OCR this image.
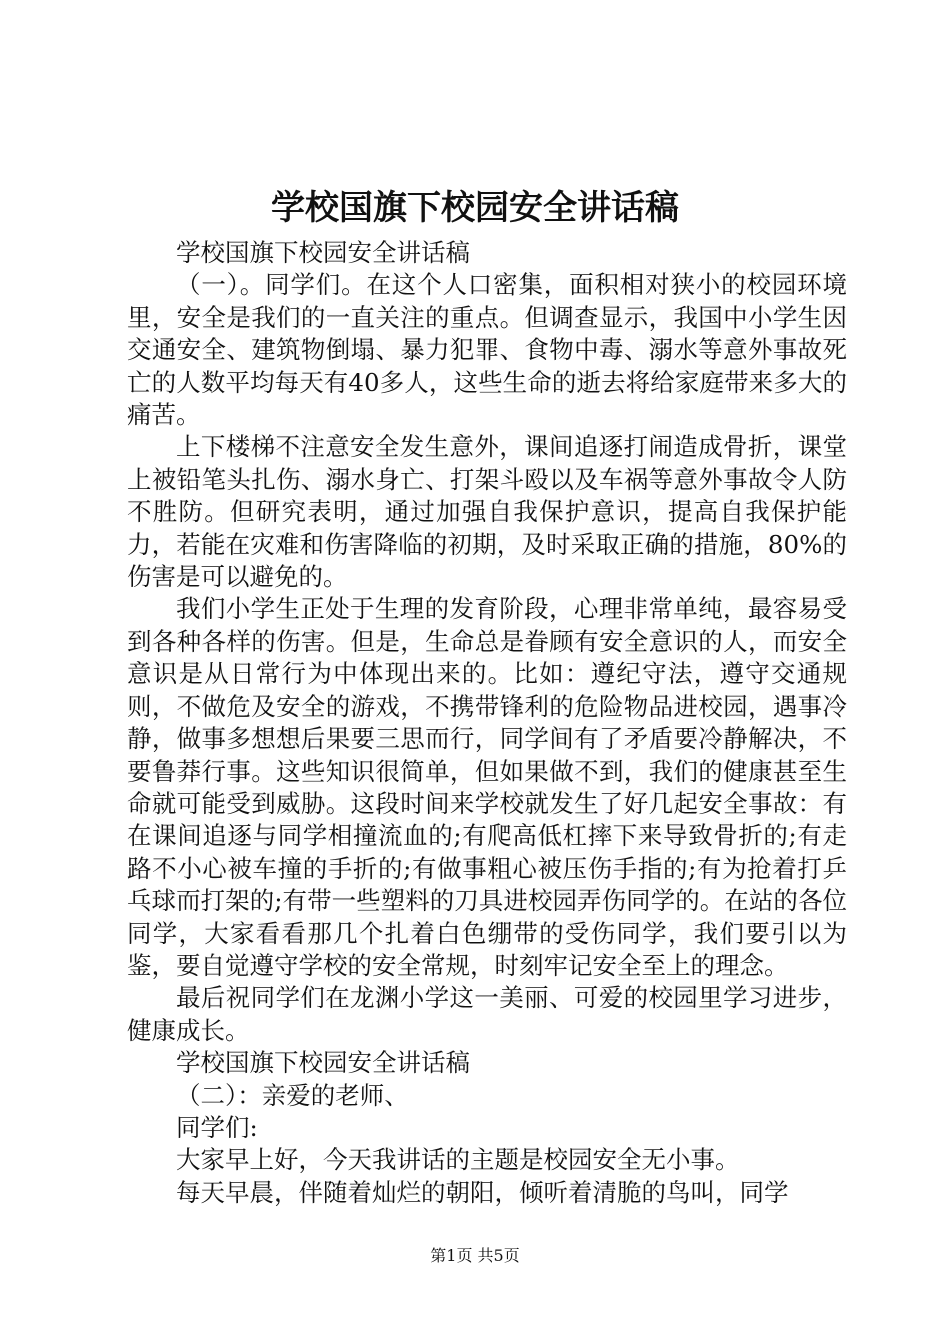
学校国旗下校园安全讲话稿

学校国旗下校园安全讲话稿

（一）。同学们。在这个人口密集，面积相对狭小的校园环境里，安全是我们的一直关注的重点。但调查显示，我国中小学生因交通安全、建筑物倒塌、暴力犯罪、食物中毒、溺水等意外事故死亡的人数平均每天有40多人，这些生命的逝去将给家庭带来多大的痛苦。

上下楼梯不注意安全发生意外，课间追逐打闹造成骨折，课堂上被铅笔头扎伤、溺水身亡、打架斗殴以及车祸等意外事故令人防不胜防。但研究表明，通过加强自我保护意识，提高自我保护能力，若能在灾难和伤害降临的初期，及时采取正确的措施，80%的伤害是可以避免的。

我们小学生正处于生理的发育阶段，心理非常单纯，最容易受到各种各样的伤害。但是，生命总是眷顾有安全意识的人，而安全意识是从日常行为中体现出来的。比如：遵纪守法，遵守交通规则，不做危及安全的游戏，不携带锋利的危险物品进校园，遇事冷静，做事多想想后果要三思而行，同学间有了矛盾要冷静解决，不要鲁莽行事。这些知识很简单，但如果做不到，我们的健康甚至生命就可能受到威胁。这段时间来学校就发生了好几起安全事故：有在课间追逐与同学相撞流血的;有爬高低杠摔下来导致骨折的;有走路不小心被车撞的手折的;有做事粗心被压伤手指的;有为抢着打乒乓球而打架的;有带一些塑料的刀具进校园弄伤同学的。在站的各位同学，大家看看那几个扎着白色绷带的受伤同学，我们要引以为鉴，要自觉遵守学校的安全常规，时刻牢记安全至上的理念。

最后祝同学们在龙渊小学这一美丽、可爱的校园里学习进步，健康成长。

学校国旗下校园安全讲话稿

（二）：亲爱的老师、

同学们:

大家早上好，今天我讲话的主题是校园安全无小事。

每天早晨，伴随着灿烂的朝阳，倾听着清脆的鸟叫，同学

第1页 共5页
